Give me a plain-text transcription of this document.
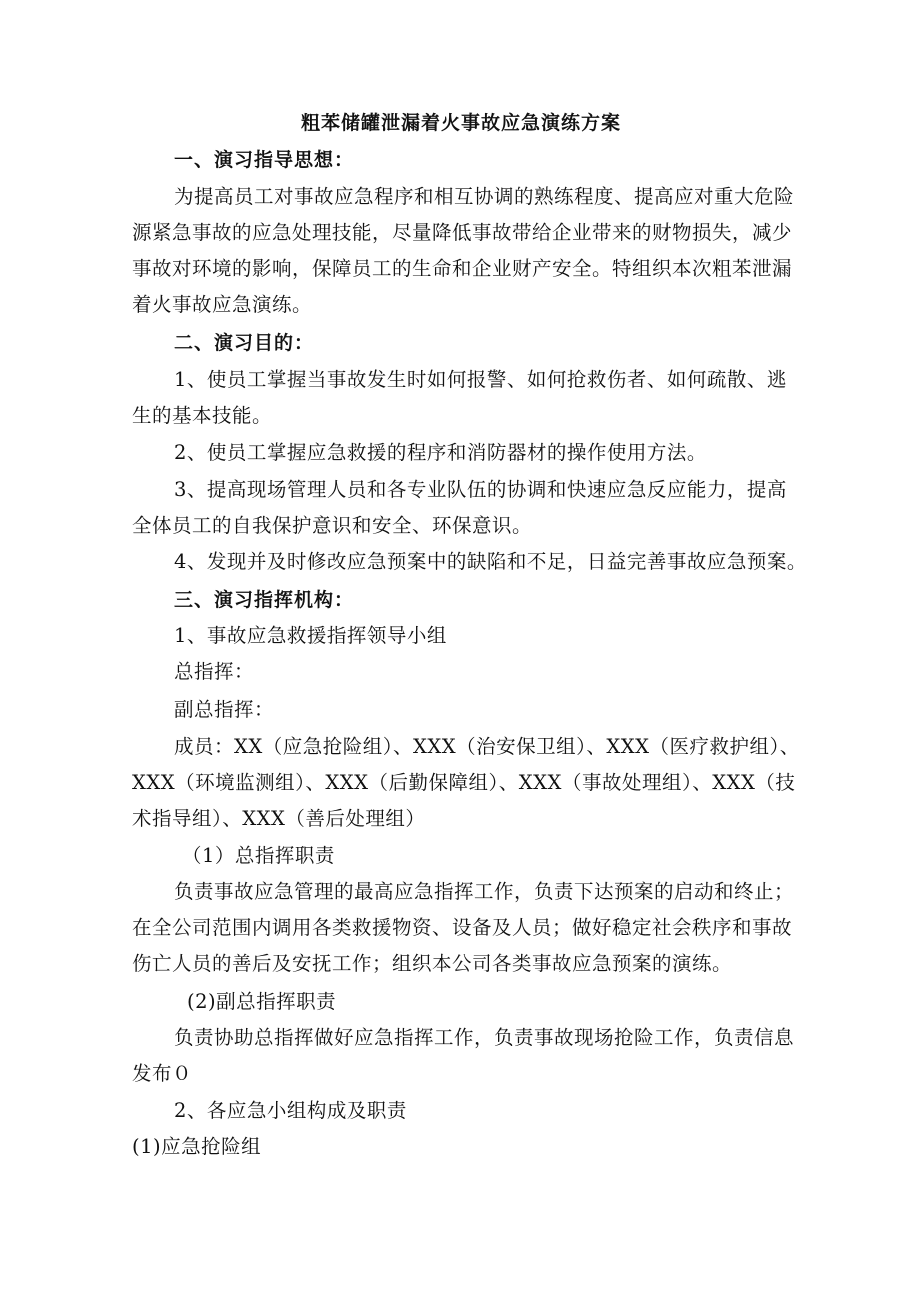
粗苯储罐泄漏着火事故应急演练方案
一、演习指导思想：
为提高员工对事故应急程序和相互协调的熟练程度、提高应对重大危险
源紧急事故的应急处理技能，尽量降低事故带给企业带来的财物损失，减少
事故对环境的影响，保障员工的生命和企业财产安全。特组织本次粗苯泄漏
着火事故应急演练。
二、演习目的：
1、使员工掌握当事故发生时如何报警、如何抢救伤者、如何疏散、逃
生的基本技能。
2、使员工掌握应急救援的程序和消防器材的操作使用方法。
3、提高现场管理人员和各专业队伍的协调和快速应急反应能力，提高
全体员工的自我保护意识和安全、环保意识。
4、发现并及时修改应急预案中的缺陷和不足，日益完善事故应急预案。
三、演习指挥机构：
1、事故应急救援指挥领导小组
总指挥：
副总指挥：
成员：XX（应急抢险组）、XXX（治安保卫组）、XXX（医疗救护组）、
XXX（环境监测组）、XXX（后勤保障组）、XXX（事故处理组）、XXX（技
术指导组）、XXX（善后处理组）
（1）总指挥职责
负责事故应急管理的最高应急指挥工作，负责下达预案的启动和终止；
在全公司范围内调用各类救援物资、设备及人员；做好稳定社会秩序和事故
伤亡人员的善后及安抚工作；组织本公司各类事故应急预案的演练。
(2)副总指挥职责
负责协助总指挥做好应急指挥工作，负责事故现场抢险工作，负责信息
发布０
2、各应急小组构成及职责
(1)应急抢险组
